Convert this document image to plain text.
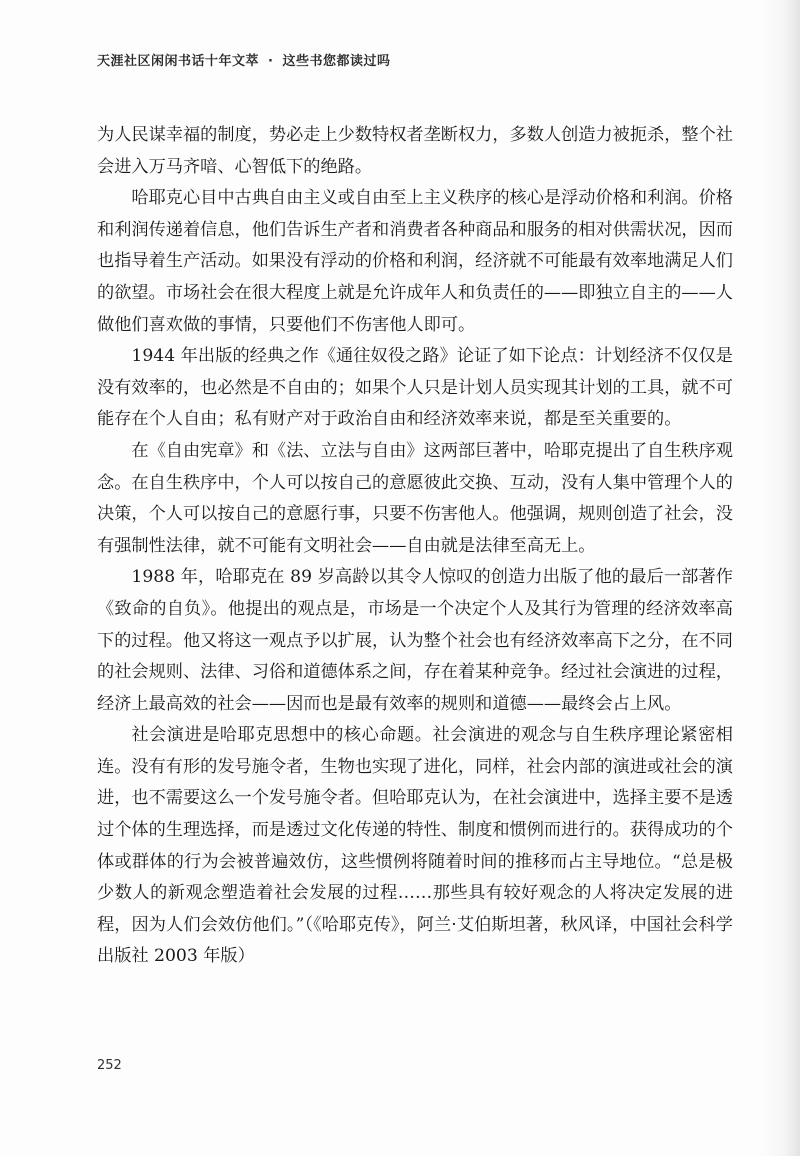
天涯社区闲闲书话十年文萃 · 这些书您都读过吗

为人民谋幸福的制度，势必走上少数特权者垄断权力，多数人创造力被扼杀，整个社会进入万马齐喑、心智低下的绝路。

哈耶克心目中古典自由主义或自由至上主义秩序的核心是浮动价格和利润。价格和利润传递着信息，他们告诉生产者和消费者各种商品和服务的相对供需状况，因而也指导着生产活动。如果没有浮动的价格和利润，经济就不可能最有效率地满足人们的欲望。市场社会在很大程度上就是允许成年人和负责任的——即独立自主的——人做他们喜欢做的事情，只要他们不伤害他人即可。

1944 年出版的经典之作《通往奴役之路》论证了如下论点：计划经济不仅仅是没有效率的，也必然是不自由的；如果个人只是计划人员实现其计划的工具，就不可能存在个人自由；私有财产对于政治自由和经济效率来说，都是至关重要的。

在《自由宪章》和《法、立法与自由》这两部巨著中，哈耶克提出了自生秩序观念。在自生秩序中，个人可以按自己的意愿彼此交换、互动，没有人集中管理个人的决策，个人可以按自己的意愿行事，只要不伤害他人。他强调，规则创造了社会，没有强制性法律，就不可能有文明社会——自由就是法律至高无上。

1988 年，哈耶克在 89 岁高龄以其令人惊叹的创造力出版了他的最后一部著作《致命的自负》。他提出的观点是，市场是一个决定个人及其行为管理的经济效率高下的过程。他又将这一观点予以扩展，认为整个社会也有经济效率高下之分，在不同的社会规则、法律、习俗和道德体系之间，存在着某种竞争。经过社会演进的过程，经济上最高效的社会——因而也是最有效率的规则和道德——最终会占上风。

社会演进是哈耶克思想中的核心命题。社会演进的观念与自生秩序理论紧密相连。没有有形的发号施令者，生物也实现了进化，同样，社会内部的演进或社会的演进，也不需要这么一个发号施令者。但哈耶克认为，在社会演进中，选择主要不是透过个体的生理选择，而是透过文化传递的特性、制度和惯例而进行的。获得成功的个体或群体的行为会被普遍效仿，这些惯例将随着时间的推移而占主导地位。“总是极少数人的新观念塑造着社会发展的过程……那些具有较好观念的人将决定发展的进程，因为人们会效仿他们。”（《哈耶克传》，阿兰·艾伯斯坦著，秋风译，中国社会科学出版社 2003 年版）

252
